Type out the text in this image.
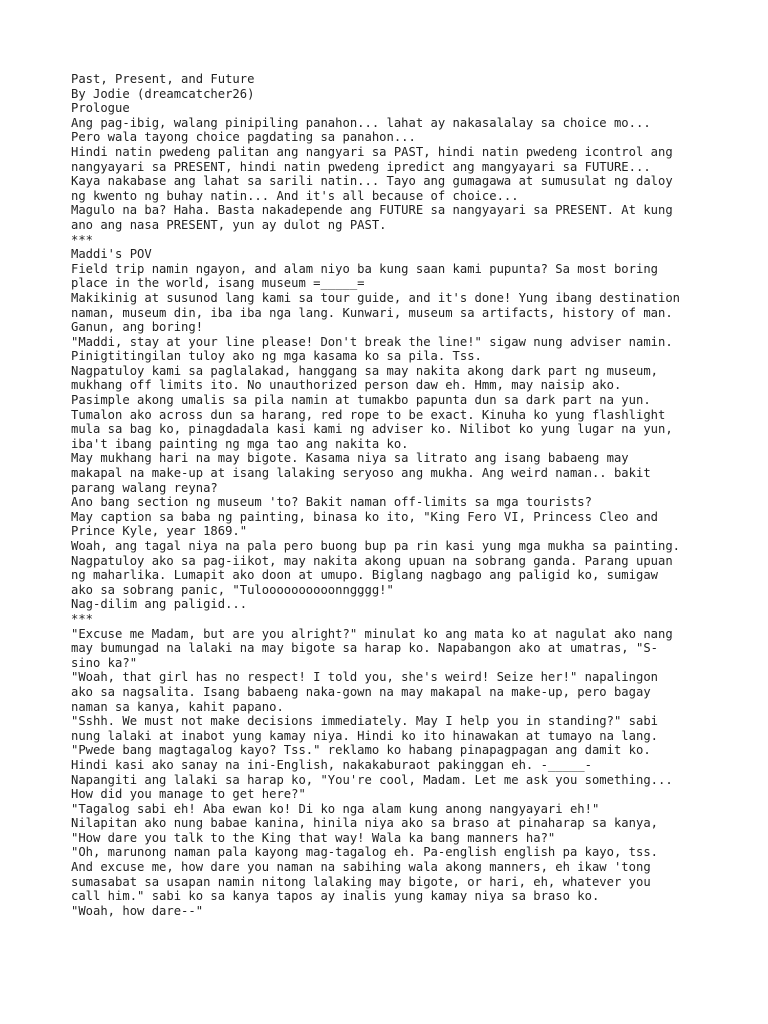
Past, Present, and Future
By Jodie (dreamcatcher26)
Prologue
Ang pag-ibig, walang pinipiling panahon... lahat ay nakasalalay sa choice mo...
Pero wala tayong choice pagdating sa panahon...
Hindi natin pwedeng palitan ang nangyari sa PAST, hindi natin pwedeng icontrol ang
nangyayari sa PRESENT, hindi natin pwedeng ipredict ang mangyayari sa FUTURE...
Kaya nakabase ang lahat sa sarili natin... Tayo ang gumagawa at sumusulat ng daloy
ng kwento ng buhay natin... And it's all because of choice...
Magulo na ba? Haha. Basta nakadepende ang FUTURE sa nangyayari sa PRESENT. At kung
ano ang nasa PRESENT, yun ay dulot ng PAST.
***
Maddi's POV
Field trip namin ngayon, and alam niyo ba kung saan kami pupunta? Sa most boring
place in the world, isang museum =_____=
Makikinig at susunod lang kami sa tour guide, and it's done! Yung ibang destination
naman, museum din, iba iba nga lang. Kunwari, museum sa artifacts, history of man.
Ganun, ang boring!
"Maddi, stay at your line please! Don't break the line!" sigaw nung adviser namin.
Pinigtitingilan tuloy ako ng mga kasama ko sa pila. Tss.
Nagpatuloy kami sa paglalakad, hanggang sa may nakita akong dark part ng museum,
mukhang off limits ito. No unauthorized person daw eh. Hmm, may naisip ako.
Pasimple akong umalis sa pila namin at tumakbo papunta dun sa dark part na yun.
Tumalon ako across dun sa harang, red rope to be exact. Kinuha ko yung flashlight
mula sa bag ko, pinagdadala kasi kami ng adviser ko. Nilibot ko yung lugar na yun,
iba't ibang painting ng mga tao ang nakita ko.
May mukhang hari na may bigote. Kasama niya sa litrato ang isang babaeng may
makapal na make-up at isang lalaking seryoso ang mukha. Ang weird naman.. bakit
parang walang reyna?
Ano bang section ng museum 'to? Bakit naman off-limits sa mga tourists?
May caption sa baba ng painting, binasa ko ito, "King Fero VI, Princess Cleo and
Prince Kyle, year 1869."
Woah, ang tagal niya na pala pero buong bup pa rin kasi yung mga mukha sa painting.
Nagpatuloy ako sa pag-iikot, may nakita akong upuan na sobrang ganda. Parang upuan
ng maharlika. Lumapit ako doon at umupo. Biglang nagbago ang paligid ko, sumigaw
ako sa sobrang panic, "Tuloooooooooonngggg!"
Nag-dilim ang paligid...
***
"Excuse me Madam, but are you alright?" minulat ko ang mata ko at nagulat ako nang
may bumungad na lalaki na may bigote sa harap ko. Napabangon ako at umatras, "S-
sino ka?"
"Woah, that girl has no respect! I told you, she's weird! Seize her!" napalingon
ako sa nagsalita. Isang babaeng naka-gown na may makapal na make-up, pero bagay
naman sa kanya, kahit papano.
"Sshh. We must not make decisions immediately. May I help you in standing?" sabi
nung lalaki at inabot yung kamay niya. Hindi ko ito hinawakan at tumayo na lang.
"Pwede bang magtagalog kayo? Tss." reklamo ko habang pinapagpagan ang damit ko.
Hindi kasi ako sanay na ini-English, nakakaburaot pakinggan eh. -_____-
Napangiti ang lalaki sa harap ko, "You're cool, Madam. Let me ask you something...
How did you manage to get here?"
"Tagalog sabi eh! Aba ewan ko! Di ko nga alam kung anong nangyayari eh!"
Nilapitan ako nung babae kanina, hinila niya ako sa braso at pinaharap sa kanya,
"How dare you talk to the King that way! Wala ka bang manners ha?"
"Oh, marunong naman pala kayong mag-tagalog eh. Pa-english english pa kayo, tss.
And excuse me, how dare you naman na sabihing wala akong manners, eh ikaw 'tong
sumasabat sa usapan namin nitong lalaking may bigote, or hari, eh, whatever you
call him." sabi ko sa kanya tapos ay inalis yung kamay niya sa braso ko.
"Woah, how dare--"
